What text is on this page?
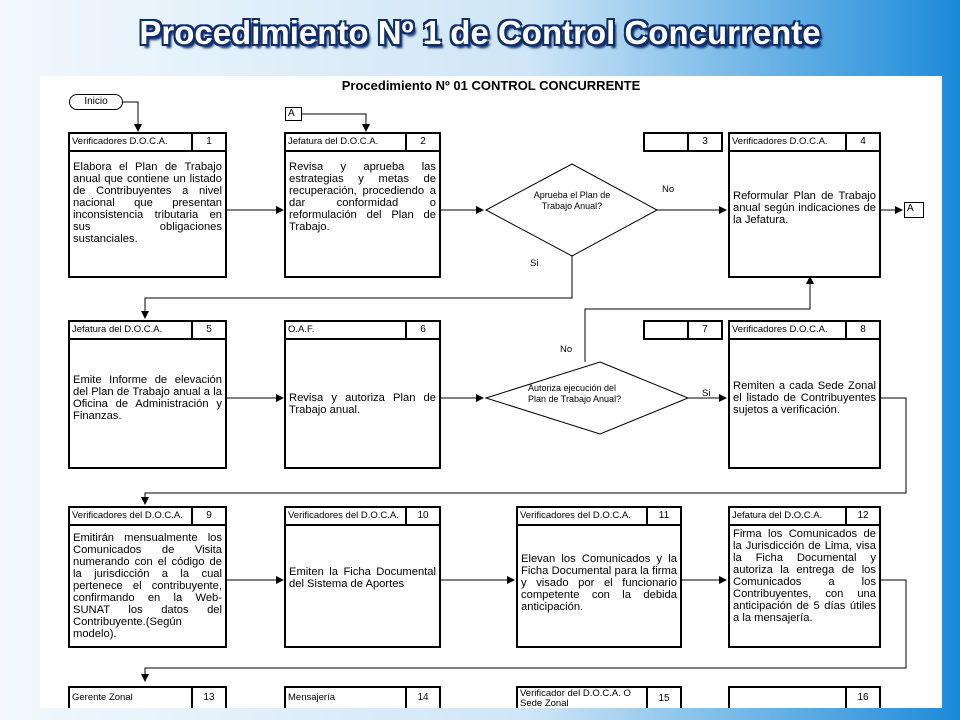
Procedimiento Nº 1 de Control Concurrente
Procedimiento Nº 01 CONTROL CONCURRENTE
Inicio
A
A
Verificadores D.O.C.A.	1
Elabora el Plan de Trabajo anual que contiene un listado de Contribuyentes a nivel nacional que presentan inconsistencia tributaria en sus obligaciones sustanciales.
Jefatura del D.O.C.A.	2
Revisa y aprueba las estrategias y metas de recuperación, procediendo a dar conformidad o reformulación del Plan de Trabajo.
3	Verificadores D.O.C.A.	4
Reformular Plan de Trabajo anual según indicaciones de la Jefatura.
Aprueba el Plan de Trabajo Anual?
No
Si
Jefatura del D.O.C.A.	5
Emite Informe de elevación del Plan de Trabajo anual a la Oficina de Administración y Finanzas.
O.A.F.	6
Revisa y autoriza Plan de Trabajo anual.
7	Verificadores D.O.C.A.	8
Remiten a cada Sede Zonal el listado de Contribuyentes sujetos a verificación.
Autoriza ejecución del Plan de Trabajo Anual?
No
Si
Verificadores del D.O.C.A.	9
Emitirán mensualmente los Comunicados de Visita numerando con el código de la jurisdicción a la cual pertenece el contribuyente, confirmando en la Web-SUNAT los datos del Contribuyente.(Según modelo).
Verificadores del D.O.C.A.	10
Emiten la Ficha Documental del Sistema de Aportes
Verificadores del D.O.C.A.	11
Elevan los Comunicados y la Ficha Documental para la firma y visado por el funcionario competente con la debida anticipación.
Jefatura del D.O.C.A.	12
Firma los Comunicados de la Jurisdicción de Lima, visa la Ficha Documental y autoriza la entrega de los Comunicados a los Contribuyentes, con una anticipación de 5 días útiles a la mensajería.
Gerente Zonal	13	Mensajería	14	Verificador del D.O.C.A. Ó Sede Zonal	15	16
